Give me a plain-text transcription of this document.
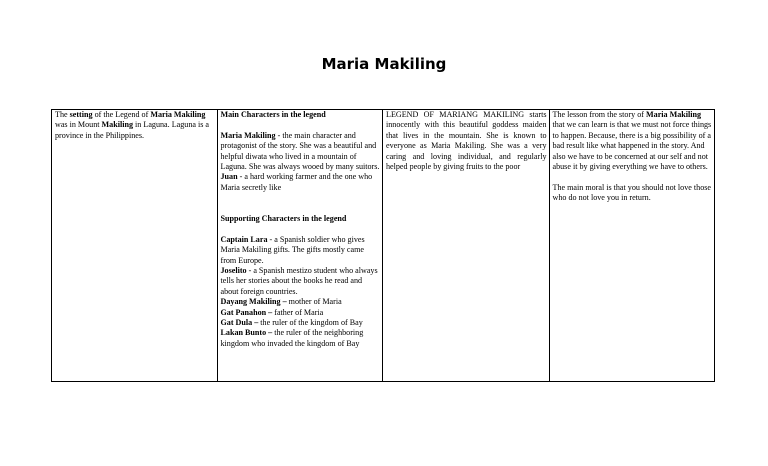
Maria Makiling

The setting of the Legend of Maria Makiling was in Mount Makiling in Laguna. Laguna is a province in the Philippines.

Main Characters in the legend

Maria Makiling - the main character and protagonist of the story. She was a beautiful and helpful diwata who lived in a mountain of Laguna. She was always wooed by many suitors.

Juan - a hard working farmer and the one who Maria secretly like

Supporting Characters in the legend

Captain Lara - a Spanish soldier who gives Maria Makiling gifts. The gifts mostly came from Europe.

Joselito - a Spanish mestizo student who always tells her stories about the books he read and about foreign countries.

Dayang Makiling – mother of Maria

Gat Panahon – father of Maria

Gat Dula – the ruler of the kingdom of Bay

Lakan Bunto – the ruler of the neighboring kingdom who invaded the kingdom of Bay

LEGEND OF MARIANG MAKILING starts innocently with this beautiful goddess maiden that lives in the mountain. She is known to everyone as Maria Makiling. She was a very caring and loving individual, and regularly helped people by giving fruits to the poor

The lesson from the story of Maria Makiling that we can learn is that we must not force things to happen. Because, there is a big possibility of a bad result like what happened in the story. And also we have to be concerned at our self and not abuse it by giving everything we have to others.

The main moral is that you should not love those who do not love you in return.
